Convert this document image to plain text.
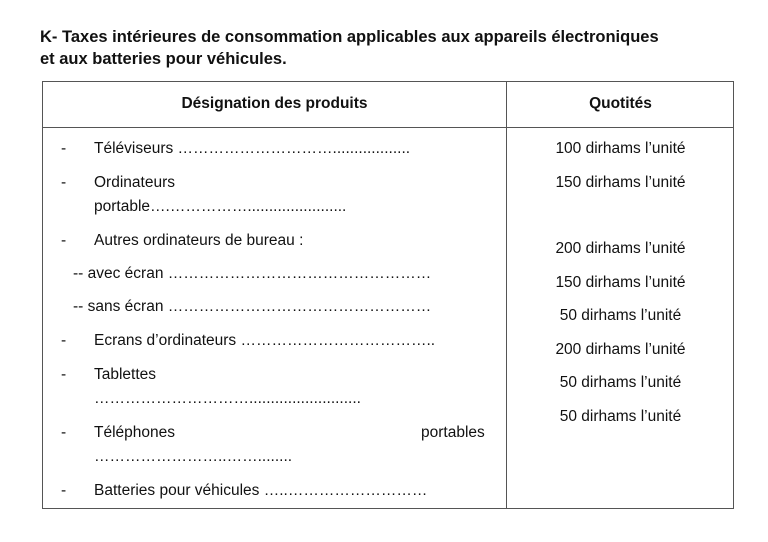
K- Taxes intérieures de consommation applicables aux appareils électroniques
et aux batteries pour véhicules.
Désignation des produits	Quotités
- Téléviseurs …………………………..................
- Ordinateurs
portable….…………….......................
- Autres ordinateurs de bureau :
-- avec écran ……………………………………………
-- sans écran ……………………………………………
- Ecrans d’ordinateurs ………………………………..
- Tablettes
…………………………..........................
- Téléphones	portables
……………………..……........
- Batteries pour véhicules …..………………………
100 dirhams l’unité
150 dirhams l’unité
200 dirhams l’unité
150 dirhams l’unité
50 dirhams l’unité
200 dirhams l’unité
50 dirhams l’unité
50 dirhams l’unité
